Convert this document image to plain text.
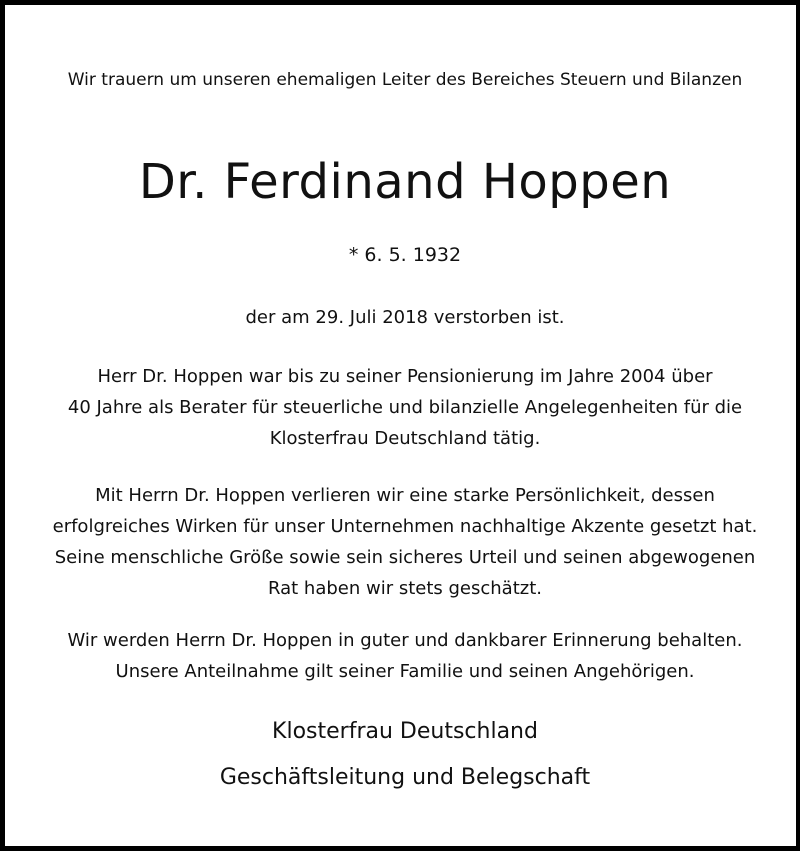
Wir trauern um unseren ehemaligen Leiter des Bereiches Steuern und Bilanzen
Dr. Ferdinand Hoppen
* 6. 5. 1932
der am 29. Juli 2018 verstorben ist.
Herr Dr. Hoppen war bis zu seiner Pensionierung im Jahre 2004 über
40 Jahre als Berater für steuerliche und bilanzielle Angelegenheiten für die
Klosterfrau Deutschland tätig.
Mit Herrn Dr. Hoppen verlieren wir eine starke Persönlichkeit, dessen
erfolgreiches Wirken für unser Unternehmen nachhaltige Akzente gesetzt hat.
Seine menschliche Größe sowie sein sicheres Urteil und seinen abgewogenen
Rat haben wir stets geschätzt.
Wir werden Herrn Dr. Hoppen in guter und dankbarer Erinnerung behalten.
Unsere Anteilnahme gilt seiner Familie und seinen Angehörigen.
Klosterfrau Deutschland
Geschäftsleitung und Belegschaft
